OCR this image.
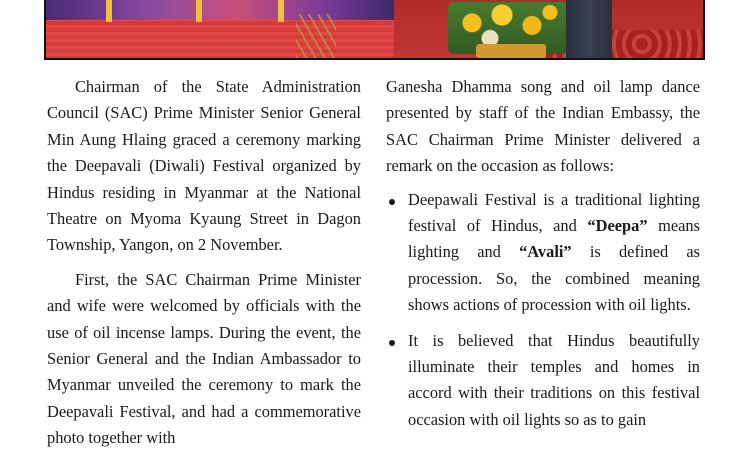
Chairman of the State Administration Council (SAC) Prime Minister Senior General Min Aung Hlaing graced a ceremony marking the Deepavali (Diwali) Festival organized by Hindus residing in Myanmar at the National Theatre on Myoma Kyaung Street in Dagon Township, Yangon, on 2 November.

First, the SAC Chairman Prime Minister and wife were welcomed by officials with the use of oil incense lamps. During the event, the Senior General and the Indian Ambassador to Myanmar unveiled the ceremony to mark the Deepavali Festival, and had a commemorative photo together with

Ganesha Dhamma song and oil lamp dance presented by staff of the Indian Embassy, the SAC Chairman Prime Minister delivered a remark on the occasion as follows:

Deepawali Festival is a traditional lighting festival of Hindus, and “Deepa” means lighting and “Avali” is defined as procession. So, the combined meaning shows actions of procession with oil lights.
It is believed that Hindus beautifully illuminate their temples and homes in accord with their traditions on this festival occasion with oil lights so as to gain
